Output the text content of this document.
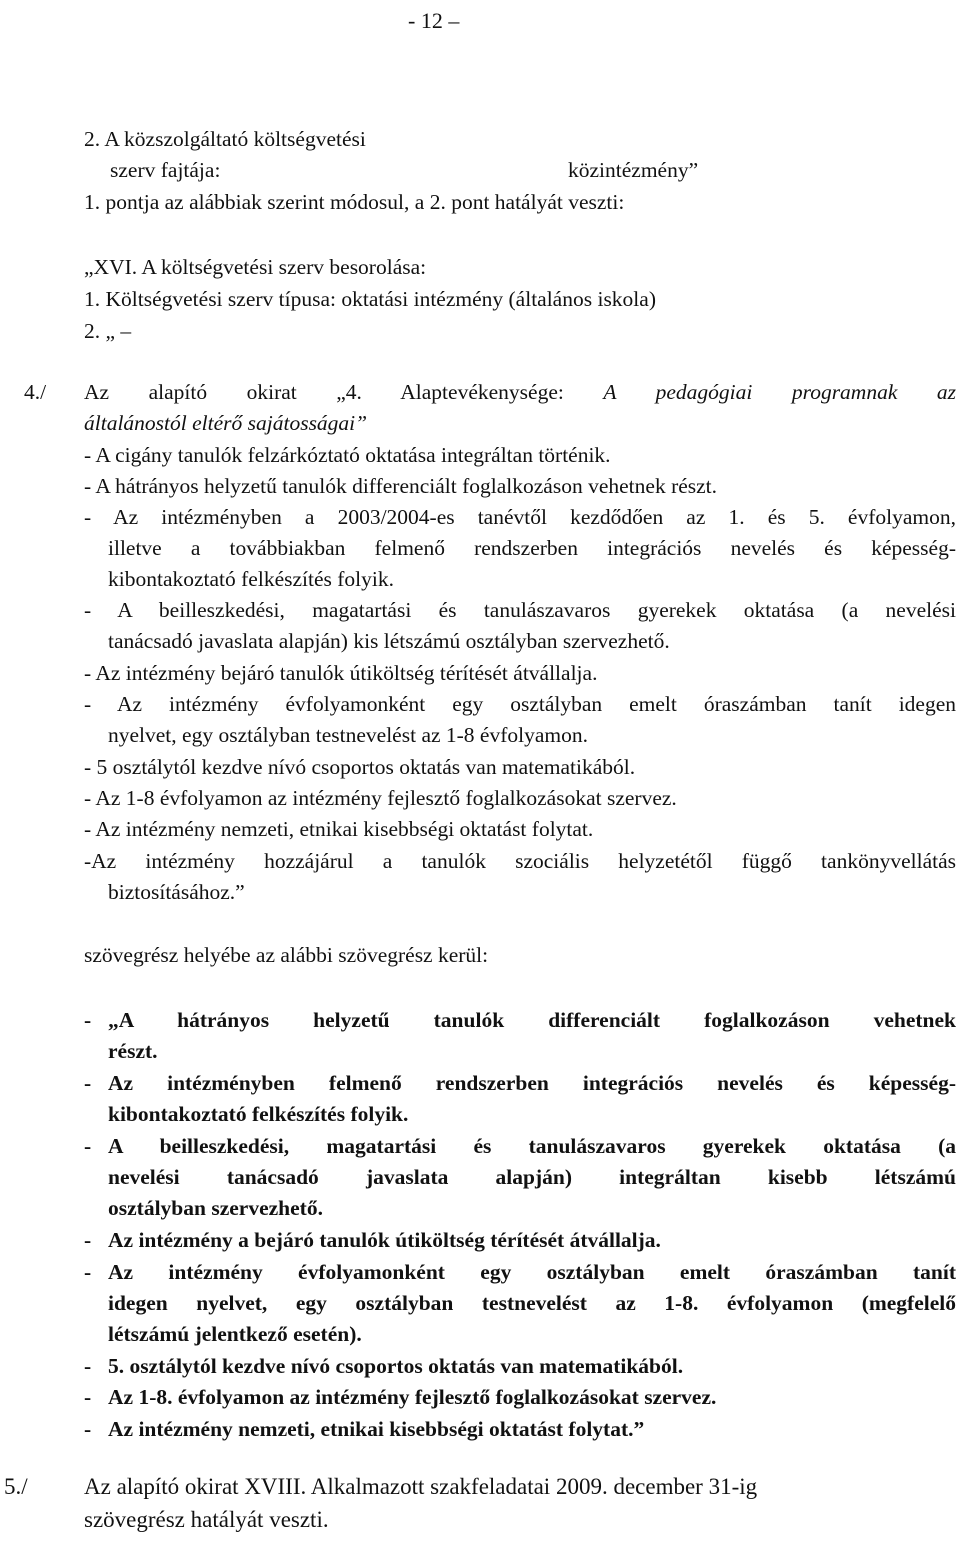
- 12 –
2. A közszolgáltató költségvetési
szerv fajtája:	közintézmény”
1. pontja az alábbiak szerint módosul, a 2. pont hatályát veszti:
„XVI. A költségvetési szerv besorolása:
1. Költségvetési szerv típusa: oktatási intézmény (általános iskola)
2. „ –
4./ Az alapító okirat „4. Alaptevékenysége: A pedagógiai programnak az
általánostól eltérő sajátosságai”
- A cigány tanulók felzárkóztató oktatása integráltan történik.
- A hátrányos helyzetű tanulók differenciált foglalkozáson vehetnek részt.
- Az intézményben a 2003/2004-es tanévtől kezdődően az 1. és 5. évfolyamon,
illetve a továbbiakban felmenő rendszerben integrációs nevelés és képesség-
kibontakoztató felkészítés folyik.
- A beilleszkedési, magatartási és tanulászavaros gyerekek oktatása (a nevelési
tanácsadó javaslata alapján) kis létszámú osztályban szervezhető.
- Az intézmény bejáró tanulók útiköltség térítését átvállalja.
- Az intézmény évfolyamonként egy osztályban emelt óraszámban tanít idegen
nyelvet, egy osztályban testnevelést az 1-8 évfolyamon.
- 5 osztálytól kezdve nívó csoportos oktatás van matematikából.
- Az 1-8 évfolyamon az intézmény fejlesztő foglalkozásokat szervez.
- Az intézmény nemzeti, etnikai kisebbségi oktatást folytat.
-Az intézmény hozzájárul a tanulók szociális helyzetétől függő tankönyvellátás
biztosításához.”
szövegrész helyébe az alábbi szövegrész kerül:
- „A hátrányos helyzetű tanulók differenciált foglalkozáson vehetnek
részt.
- Az intézményben felmenő rendszerben integrációs nevelés és képesség-
kibontakoztató felkészítés folyik.
- A beilleszkedési, magatartási és tanulászavaros gyerekek oktatása (a
nevelési tanácsadó javaslata alapján) integráltan kisebb létszámú
osztályban szervezhető.
- Az intézmény a bejáró tanulók útiköltség térítését átvállalja.
- Az intézmény évfolyamonként egy osztályban emelt óraszámban tanít
idegen nyelvet, egy osztályban testnevelést az 1-8. évfolyamon (megfelelő
létszámú jelentkező esetén).
- 5. osztálytól kezdve nívó csoportos oktatás van matematikából.
- Az 1-8. évfolyamon az intézmény fejlesztő foglalkozásokat szervez.
- Az intézmény nemzeti, etnikai kisebbségi oktatást folytat.”
5./ Az alapító okirat XVIII. Alkalmazott szakfeladatai 2009. december 31-ig
szövegrész hatályát veszti.
